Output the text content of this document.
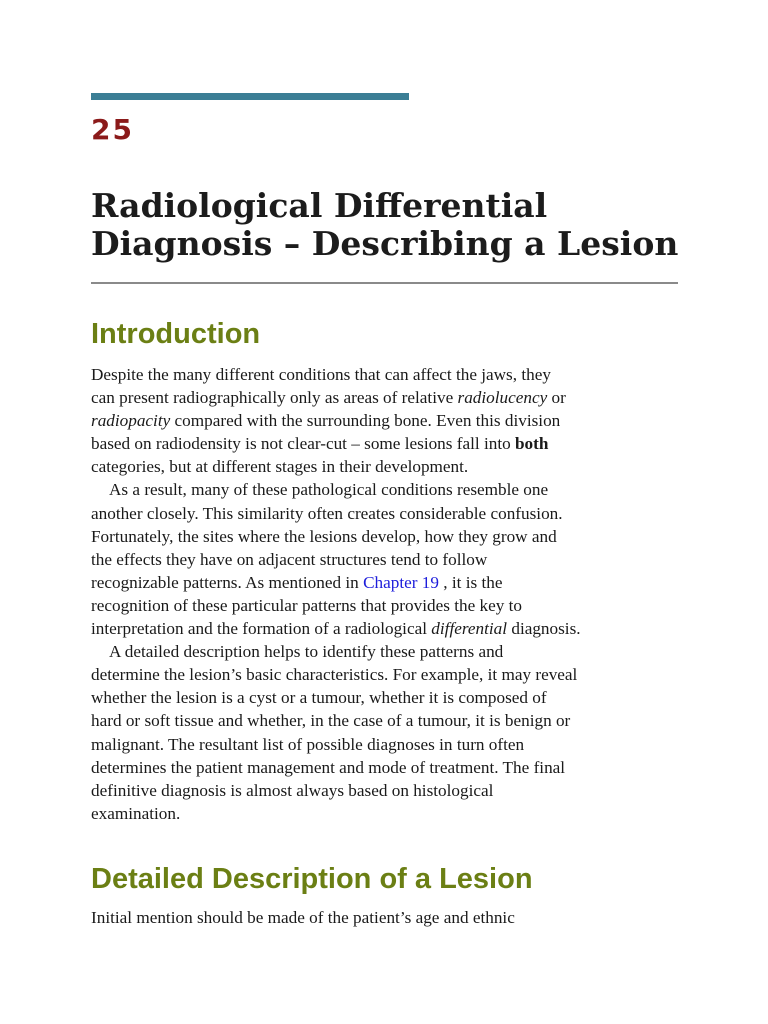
25
Radiological Differential
Diagnosis – Describing a Lesion
Introduction
Despite the many different conditions that can affect the jaws, they
can present radiographically only as areas of relative radiolucency or
radiopacity compared with the surrounding bone. Even this division
based on radiodensity is not clear-cut – some lesions fall into both
categories, but at different stages in their development.
As a result, many of these pathological conditions resemble one
another closely. This similarity often creates considerable confusion.
Fortunately, the sites where the lesions develop, how they grow and
the effects they have on adjacent structures tend to follow
recognizable patterns. As mentioned in Chapter 19 , it is the
recognition of these particular patterns that provides the key to
interpretation and the formation of a radiological differential diagnosis.
A detailed description helps to identify these patterns and
determine the lesion’s basic characteristics. For example, it may reveal
whether the lesion is a cyst or a tumour, whether it is composed of
hard or soft tissue and whether, in the case of a tumour, it is benign or
malignant. The resultant list of possible diagnoses in turn often
determines the patient management and mode of treatment. The final
definitive diagnosis is almost always based on histological
examination.
Detailed Description of a Lesion
Initial mention should be made of the patient’s age and ethnic
